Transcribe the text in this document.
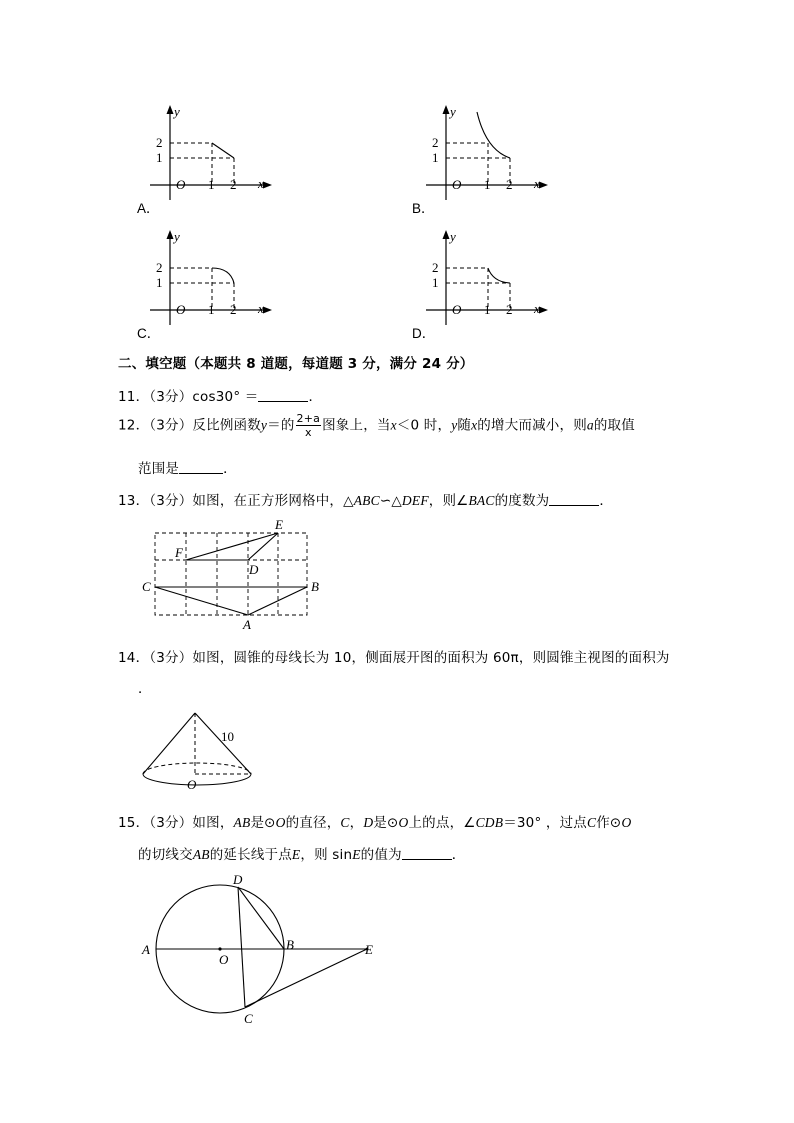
y
x
O
2
1
1 2
A．
y
x
O
2
1
1 2
B．
y
x
O
2
1
1 2
C．
y
x
O
2
1
1 2
D．
二、填空题（本题共 8 道题，每道题 3 分，满分 24 分）
11．（3分）cos30° ＝	．
12．（3分）反比例函数y＝的 $\frac{2+a}{x}$ 图象上，当x＜0 时，y随x的增大而减小，则a的取值
范围是	．
13．（3分）如图，在正方形网格中，△ABC∽△DEF，则∠BAC的度数为	．
E
F
D
C	B
A
14．（3分）如图，圆锥的母线长为 10，侧面展开图的面积为 60π，则圆锥主视图的面积为
．
10
O
15．（3分）如图，AB是⊙O的直径，C，D是⊙O上的点，∠CDB＝30° ，过点C作⊙O
的切线交AB的延长线于点E，则 sinE的值为	．
D
A
O
B	E
C
